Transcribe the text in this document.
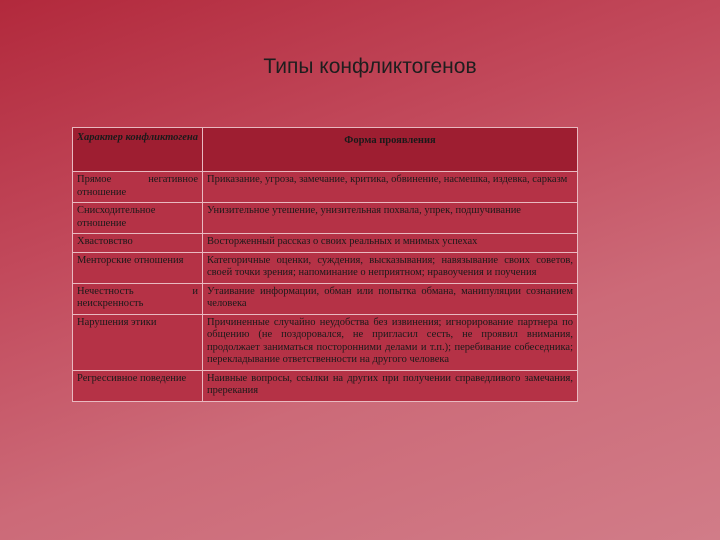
Типы конфликтогенов
Характер конфликтогена	Форма проявления
Прямое негативное отношение	Приказание, угроза, замечание, критика, обвинение, насмешка, издевка, сарказм
Снисходительное отношение	Унизительное утешение, унизительная похвала, упрек, подшучивание
Хвастовство	Восторженный рассказ о своих реальных и мнимых успехах
Менторские отношения	Категоричные оценки, суждения, высказывания; навязывание своих советов, своей точки зрения; напоминание о неприятном; нравоучения и поучения
Нечестность и неискренность	Утаивание информации, обман или попытка обмана, манипуляции сознанием человека
Нарушения этики	Причиненные случайно неудобства без извинения; игнорирование партнера по общению (не поздоровался, не пригласил сесть, не проявил внимания, продолжает заниматься посторонними делами и т.п.); перебивание собеседника; перекладывание ответственности на другого человека
Регрессивное поведение	Наивные вопросы, ссылки на других при получении справедливого замечания, пререкания
